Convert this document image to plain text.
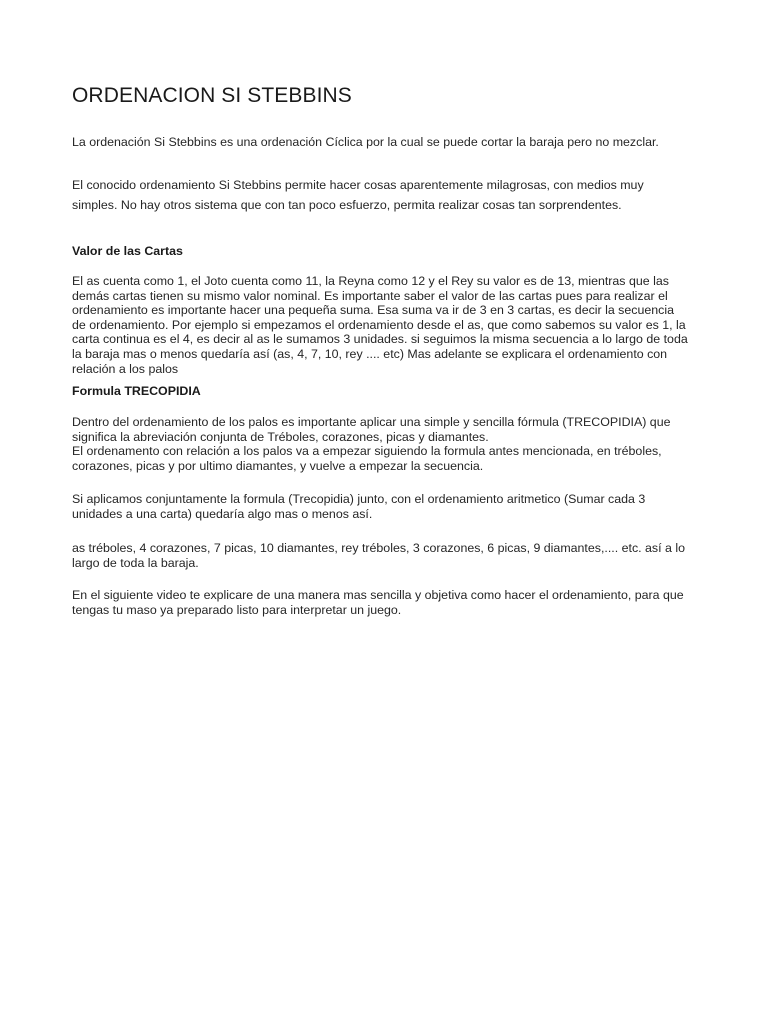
ORDENACION SI STEBBINS

La ordenación Si Stebbins es una ordenación Cíclica por la cual se puede cortar la baraja pero no mezclar.

El conocido ordenamiento Si Stebbins permite hacer cosas aparentemente milagrosas, con medios muy
simples. No hay otros sistema que con tan poco esfuerzo, permita realizar cosas tan sorprendentes.

Valor de las Cartas

El as cuenta como 1, el Joto cuenta como 11, la Reyna como 12 y el Rey su valor es de 13, mientras que las
demás cartas tienen su mismo valor nominal. Es importante saber el valor de las cartas pues para realizar el
ordenamiento es importante hacer una pequeña suma. Esa suma va ir de 3 en 3 cartas, es decir la secuencia
de ordenamiento. Por ejemplo si empezamos el ordenamiento desde el as, que como sabemos su valor es 1, la
carta continua es el 4, es decir al as le sumamos 3 unidades. si seguimos la misma secuencia a lo largo de toda
la baraja mas o menos quedaría así (as, 4, 7, 10, rey .... etc) Mas adelante se explicara el ordenamiento con
relación a los palos

Formula TRECOPIDIA

Dentro del ordenamiento de los palos es importante aplicar una simple y sencilla fórmula (TRECOPIDIA) que
significa la abreviación conjunta de Tréboles, corazones, picas y diamantes.
El ordenamento con relación a los palos va a empezar siguiendo la formula antes mencionada, en tréboles,
corazones, picas y por ultimo diamantes, y vuelve a empezar la secuencia.

Si aplicamos conjuntamente la formula (Trecopidia) junto, con el ordenamiento aritmetico (Sumar cada 3
unidades a una carta) quedaría algo mas o menos así.

as tréboles, 4 corazones, 7 picas, 10 diamantes, rey tréboles, 3 corazones, 6 picas, 9 diamantes,.... etc. así a lo
largo de toda la baraja.

En el siguiente video te explicare de una manera mas sencilla y objetiva como hacer el ordenamiento, para que
tengas tu maso ya preparado listo para interpretar un juego.
